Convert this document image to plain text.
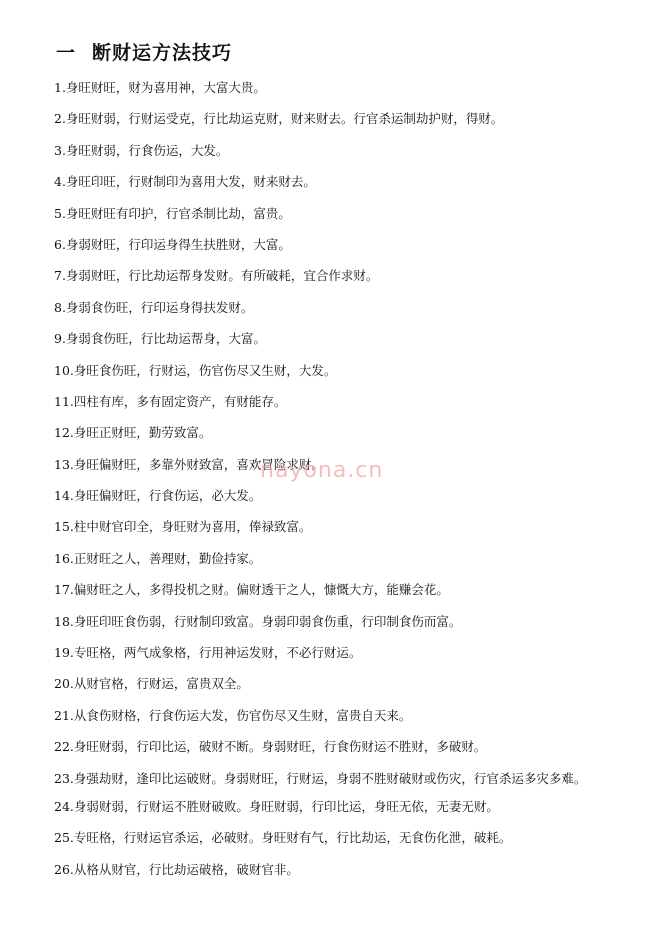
一 断财运方法技巧
1.身旺财旺，财为喜用神，大富大贵。
2.身旺财弱，行财运受克，行比劫运克财，财来财去。行官杀运制劫护财，得财。
3.身旺财弱，行食伤运，大发。
4.身旺印旺，行财制印为喜用大发，财来财去。
5.身旺财旺有印护，行官杀制比劫，富贵。
6.身弱财旺，行印运身得生扶胜财，大富。
7.身弱财旺，行比劫运帮身发财。有所破耗，宜合作求财。
8.身弱食伤旺，行印运身得扶发财。
9.身弱食伤旺，行比劫运帮身，大富。
10.身旺食伤旺，行财运，伤官伤尽又生财，大发。
11.四柱有库，多有固定资产，有财能存。
12.身旺正财旺，勤劳致富。
13.身旺偏财旺，多靠外财致富，喜欢冒险求财。
14.身旺偏财旺，行食伤运，必大发。
15.柱中财官印全，身旺财为喜用，俸禄致富。
16.正财旺之人，善理财，勤俭持家。
17.偏财旺之人，多得投机之财。偏财透干之人，慷慨大方，能赚会花。
18.身旺印旺食伤弱，行财制印致富。身弱印弱食伤重，行印制食伤而富。
19.专旺格，两气成象格，行用神运发财，不必行财运。
20.从财官格，行财运，富贵双全。
21.从食伤财格，行食伤运大发，伤官伤尽又生财，富贵自天来。
22.身旺财弱，行印比运，破财不断。身弱财旺，行食伤财运不胜财，多破财。
23.身强劫财，逢印比运破财。身弱财旺，行财运，身弱不胜财破财或伤灾，行官杀运多灾多难。
24.身弱财弱，行财运不胜财破败。身旺财弱，行印比运，身旺无依，无妻无财。
25.专旺格，行财运官杀运，必破财。身旺财有气，行比劫运，无食伤化泄，破耗。
26.从格从财官，行比劫运破格，破财官非。
nayona.cn
